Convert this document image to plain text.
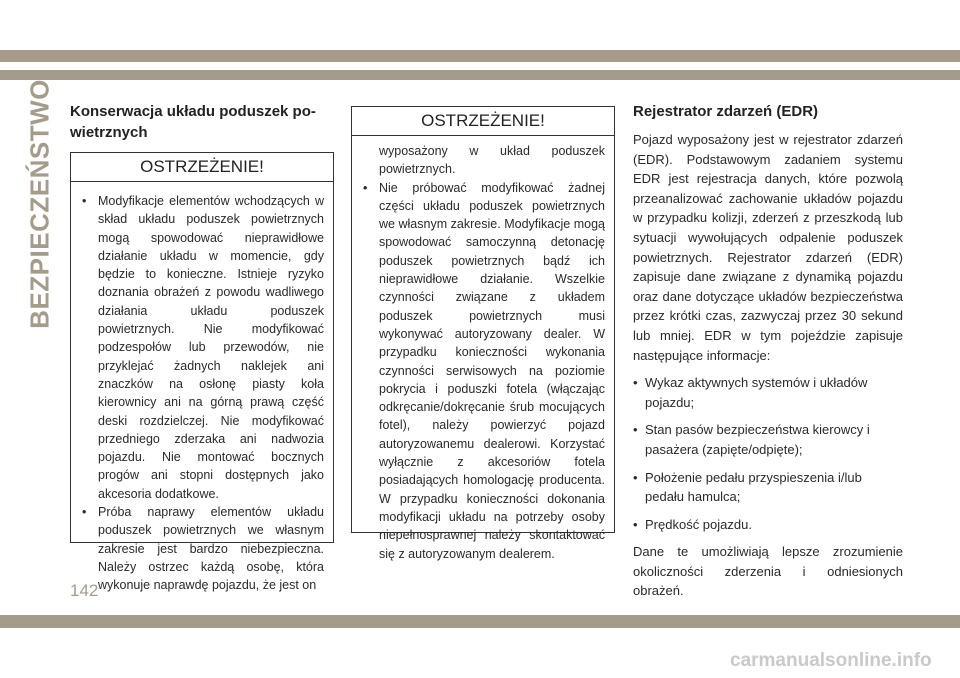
BEZPIECZEŃSTWO Konserwacja układu poduszek po-
wietrznych
OSTRZEŻENIE!
• Modyfikacje elementów wchodzących w skład układu poduszek powietrznych mogą spowodować nieprawidłowe działanie układu w momencie, gdy będzie to konieczne. Istnieje ryzyko doznania obrażeń z powodu wadliwego działania układu poduszek powietrznych. Nie modyfikować podzespołów lub przewodów, nie przyklejać żadnych naklejek ani znaczków na osłonę piasty koła kierownicy ani na górną prawą część deski rozdzielczej. Nie modyfikować przedniego zderzaka ani nadwozia pojazdu. Nie montować bocznych progów ani stopni dostępnych jako akcesoria dodatkowe.
• Próba naprawy elementów układu poduszek powietrznych we własnym zakresie jest bardzo niebezpieczna. Należy ostrzec każdą osobę, która wykonuje naprawdę pojazdu, że jest on
OSTRZEŻENIE!
wyposażony w układ poduszek powietrznych.
• Nie próbować modyfikować żadnej części układu poduszek powietrznych we własnym zakresie. Modyfikacje mogą spowodować samoczynną detonację poduszek powietrznych bądź ich nieprawidłowe działanie. Wszelkie czynności związane z układem poduszek powietrznych musi wykonywać autoryzowany dealer. W przypadku konieczności wykonania czynności serwisowych na poziomie pokrycia i poduszki fotela (włączając odkręcanie/dokręcanie śrub mocujących fotel), należy powierzyć pojazd autoryzowanemu dealerowi. Korzystać wyłącznie z akcesoriów fotela posiadających homologację producenta. W przypadku konieczności dokonania modyfikacji układu na potrzeby osoby niepełnosprawnej należy skontaktować się z autoryzowanym dealerem.
Rejestrator zdarzeń (EDR)

Pojazd wyposażony jest w rejestrator zdarzeń (EDR). Podstawowym zadaniem systemu EDR jest rejestracja danych, które pozwolą przeanalizować zachowanie układów pojazdu w przypadku kolizji, zderzeń z przeszkodą lub sytuacji wywołujących odpalenie poduszek powietrznych. Rejestrator zdarzeń (EDR) zapisuje dane związane z dynamiką pojazdu oraz dane dotyczące układów bezpieczeństwa przez krótki czas, zazwyczaj przez 30 sekund lub mniej. EDR w tym pojeździe zapisuje następujące informacje:

• Wykaz aktywnych systemów i układów pojazdu;
• Stan pasów bezpieczeństwa kierowcy i pasażera (zapięte/odpięte);
• Położenie pedału przyspieszenia i/lub pedału hamulca;
• Prędkość pojazdu.

Dane te umożliwiają lepsze zrozumienie okoliczności zderzenia i odniesionych obrażeń.

142
carmanualsonline.info
